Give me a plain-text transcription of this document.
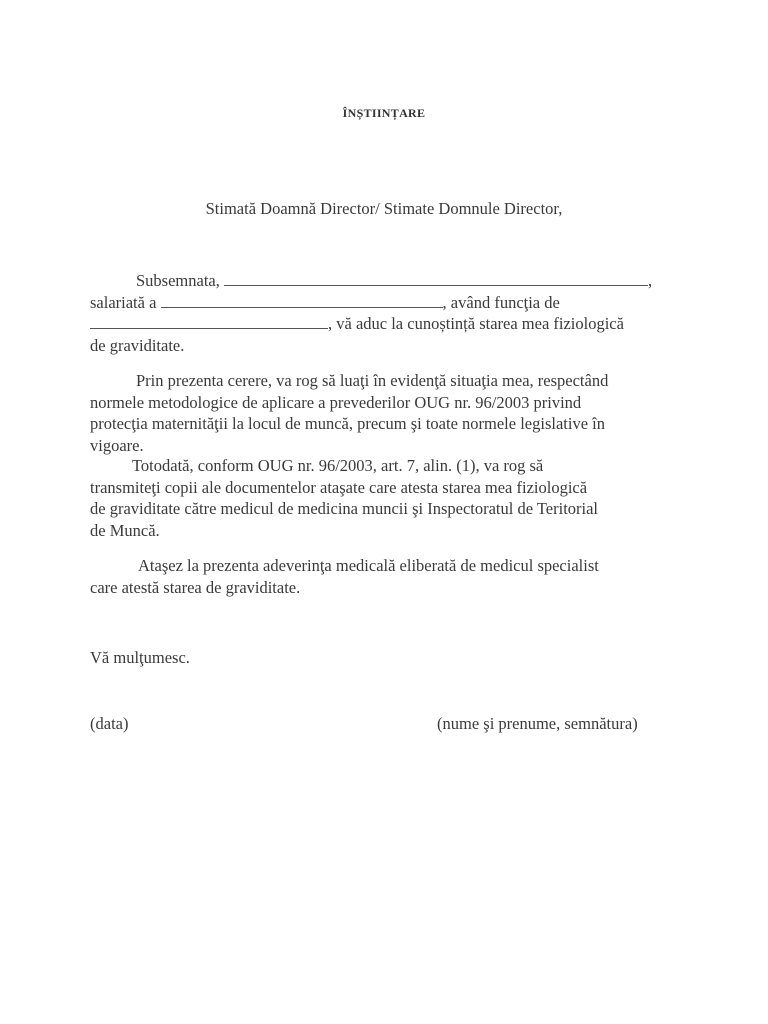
ÎNȘTIINȚARE
Stimată Doamnă Director/ Stimate Domnule Director,
Subsemnata,	,
salariată a	, având funcţia de
, vă aduc la cunoștință starea mea fiziologică
de graviditate.
Prin prezenta cerere, va rog să luaţi în evidenţă situaţia mea, respectând
normele metodologice de aplicare a prevederilor OUG nr. 96/2003 privind
protecţia maternităţii la locul de muncă, precum şi toate normele legislative în
vigoare.
Totodată, conform OUG nr. 96/2003, art. 7, alin. (1), va rog să
transmiteţi copii ale documentelor ataşate care atesta starea mea fiziologică
de graviditate către medicul de medicina muncii şi Inspectoratul de Teritorial
de Muncă.
Ataşez la prezenta adeverinţa medicală eliberată de medicul specialist
care atestă starea de graviditate.
Vă mulţumesc.
(data)	(nume şi prenume, semnătura)
